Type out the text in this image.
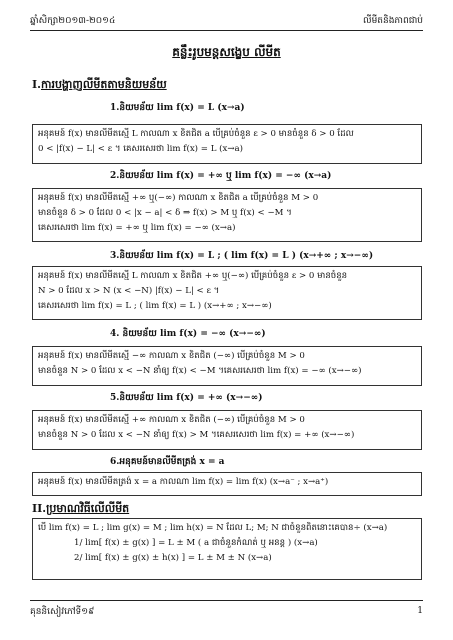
ឆ្នាំសិក្សា២០១៣-២០១៤	លីមីតនិងភាពជាប់
គន្លឹះរូបមន្តសង្ខេប លីមីត
I.ការបង្ហាញលីមីតតាមនិយមន័យ
1.និយមន័យ lim f(x) = L (x→a)
អនុគមន៍ f(x) មានលីមីតស្មើ L កាលណា x ខិតជិត a បើគ្រប់ចំនួន ε > 0 មានចំនួន δ > 0 ដែល
0 < |f(x) − L| < ε ។ គេសរសេរថា lim f(x) = L (x→a)
2.និយមន័យ lim f(x) = +∞ ឬ lim f(x) = −∞ (x→a)
អនុគមន៍ f(x) មានលីមីតស្មើ +∞ ឬ(−∞) កាលណា x ខិតជិត a បើគ្រប់ចំនួន M > 0
មានចំនួន δ > 0 ដែល 0 < |x − a| < δ ⇒ f(x) > M ឬ f(x) < −M ។
គេសរសេរថា lim f(x) = +∞ ឬ lim f(x) = −∞ (x→a)
3.និយមន័យ lim f(x) = L ; ( lim f(x) = L ) (x→+∞ ; x→−∞)
អនុគមន៍ f(x) មានលីមីតស្មើ L កាលណា x ខិតជិត +∞ ឬ(−∞) បើគ្រប់ចំនួន ε > 0 មានចំនួន
N > 0 ដែល x > N (x < −N) |f(x) − L| < ε ។
គេសរសេរថា lim f(x) = L ; ( lim f(x) = L ) (x→+∞ ; x→−∞)
4. និយមន័យ lim f(x) = −∞ (x→−∞)
អនុគមន៍ f(x) មានលីមីតស្មើ −∞ កាលណា x ខិតជិត (−∞) បើគ្រប់ចំនួន M > 0
មានចំនួន N > 0 ដែល x < −N នាំឲ្យ f(x) < −M ។គេសរសេរថា lim f(x) = −∞ (x→−∞)
5.និយមន័យ lim f(x) = +∞ (x→−∞)
អនុគមន៍ f(x) មានលីមីតស្មើ +∞ កាលណា x ខិតជិត (−∞) បើគ្រប់ចំនួន M > 0
មានចំនួន N > 0 ដែល x < −N នាំឲ្យ f(x) > M ។គេសរសេរថា lim f(x) = +∞ (x→−∞)
6.អនុគមន៍មានលីមីតត្រង់ x = a
អនុគមន៍ f(x) មានលីមីតត្រង់ x = a កាលណា lim f(x) = lim f(x) (x→a⁻ ; x→a⁺)
II.ប្រមាណវិធីលើលីមីត
បើ lim f(x) = L ; lim g(x) = M ; lim h(x) = N ដែល L; M; N ជាចំនួនពិតនោះគេបាន÷ (x→a)
1/ lim[ f(x) ± g(x) ] = L ± M ( a ជាចំនួនកំណត់ ឬ អនន្ត ) (x→a)
2/ lim[ f(x) ± g(x) ± h(x) ] = L ± M ± N (x→a)
គុននិសៀវភៅទី១៩	1
